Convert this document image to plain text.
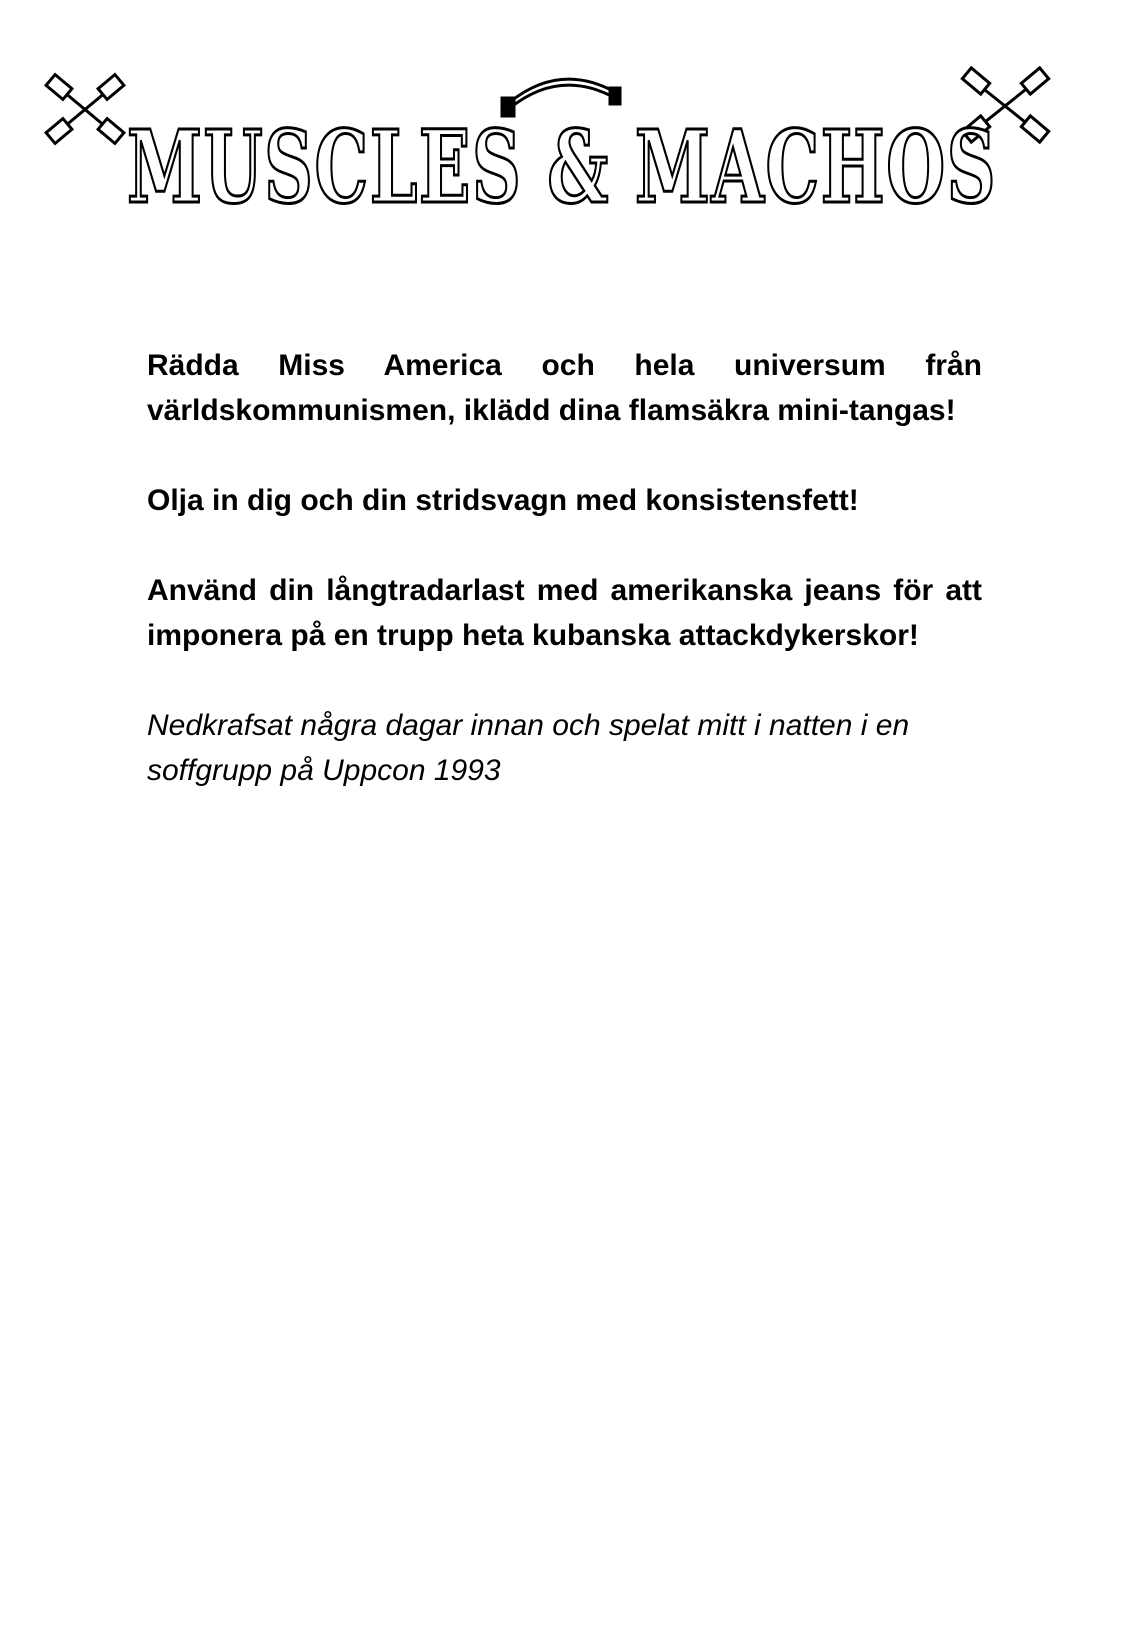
MUSCLES & MACHOS

Rädda Miss America och hela universum från världskommunismen, iklädd dina flamsäkra mini-tangas!

Olja in dig och din stridsvagn med konsistensfett!

Använd din långtradarlast med amerikanska jeans för att imponera på en trupp heta kubanska attackdykerskor!

Nedkrafsat några dagar innan och spelat mitt i natten i en soffgrupp på Uppcon 1993
